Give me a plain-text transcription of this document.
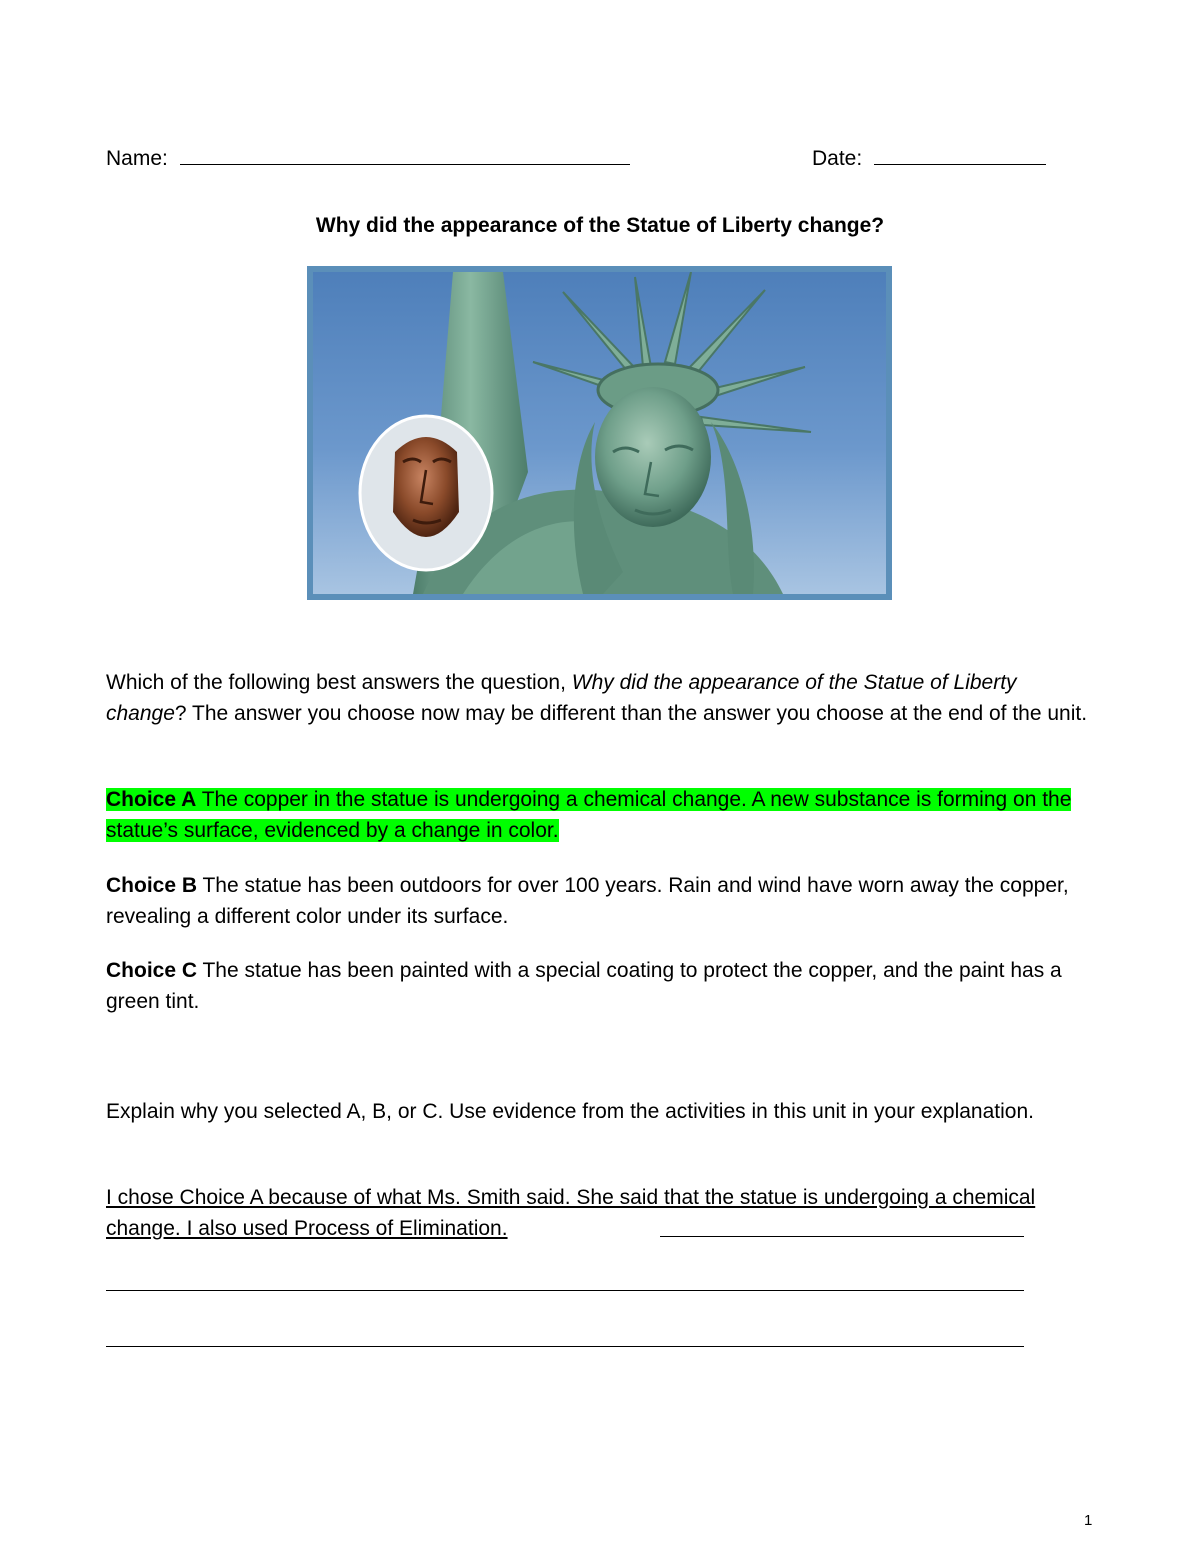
Name:	Date:
Why did the appearance of the Statue of Liberty change?
Which of the following best answers the question, Why did the appearance of the Statue of Liberty change? The answer you choose now may be different than the answer you choose at the end of the unit.
Choice A The copper in the statue is undergoing a chemical change. A new substance is forming on the statue’s surface, evidenced by a change in color.
Choice B The statue has been outdoors for over 100 years. Rain and wind have worn away the copper, revealing a different color under its surface.
Choice C The statue has been painted with a special coating to protect the copper, and the paint has a green tint.
Explain why you selected A, B, or C. Use evidence from the activities in this unit in your explanation.
I chose Choice A because of what Ms. Smith said. She said that the statue is undergoing a chemical change. I also used Process of Elimination.
1
